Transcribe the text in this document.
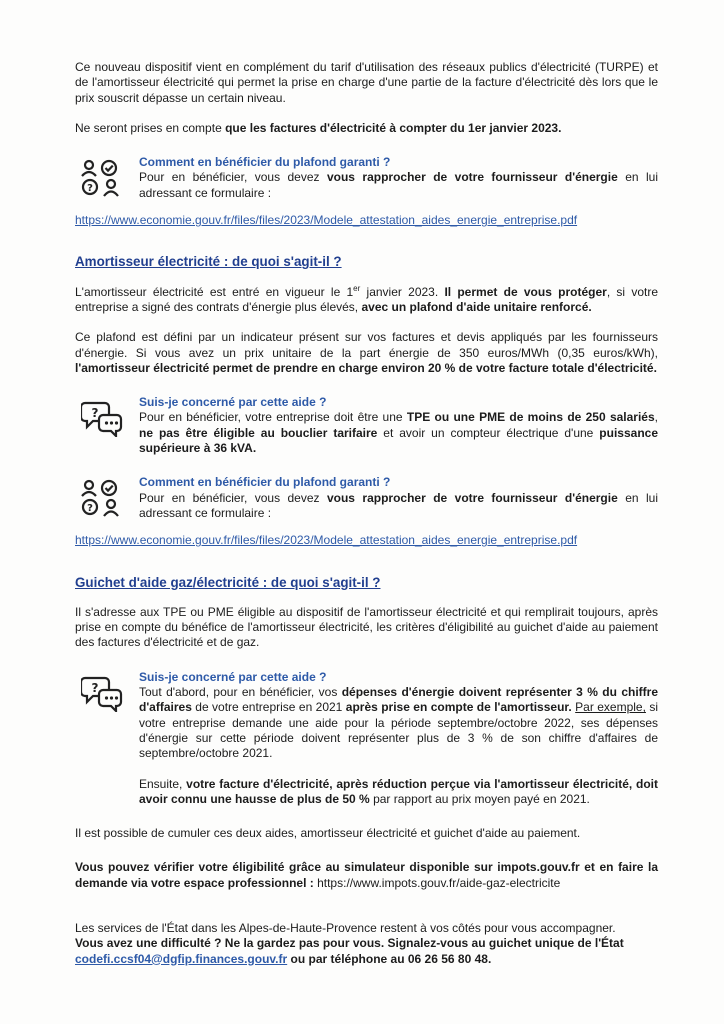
Ce nouveau dispositif vient en complément du tarif d'utilisation des réseaux publics d'électricité (TURPE) et de l'amortisseur électricité qui permet la prise en charge d'une partie de la facture d'électricité dès lors que le prix souscrit dépasse un certain niveau.

Ne seront prises en compte que les factures d'électricité à compter du 1er janvier 2023.

Comment en bénéficier du plafond garanti ?

Pour en bénéficier, vous devez vous rapprocher de votre fournisseur d'énergie en lui adressant ce formulaire :

https://www.economie.gouv.fr/files/files/2023/Modele_attestation_aides_energie_entreprise.pdf
Amortisseur électricité : de quoi s'agit-il ?

L'amortisseur électricité est entré en vigueur le 1er janvier 2023. Il permet de vous protéger, si votre entreprise a signé des contrats d'énergie plus élevés, avec un plafond d'aide unitaire renforcé.

Ce plafond est défini par un indicateur présent sur vos factures et devis appliqués par les fournisseurs d'énergie. Si vous avez un prix unitaire de la part énergie de 350 euros/MWh (0,35 euros/kWh), l'amortisseur électricité permet de prendre en charge environ 20 % de votre facture totale d'électricité.

Suis-je concerné par cette aide ?

Pour en bénéficier, votre entreprise doit être une TPE ou une PME de moins de 250 salariés, ne pas être éligible au bouclier tarifaire et avoir un compteur électrique d'une puissance supérieure à 36 kVA.

Comment en bénéficier du plafond garanti ?

Pour en bénéficier, vous devez vous rapprocher de votre fournisseur d'énergie en lui adressant ce formulaire :

https://www.economie.gouv.fr/files/files/2023/Modele_attestation_aides_energie_entreprise.pdf
Guichet d'aide gaz/électricité : de quoi s'agit-il ?

Il s'adresse aux TPE ou PME éligible au dispositif de l'amortisseur électricité et qui remplirait toujours, après prise en compte du bénéfice de l'amortisseur électricité, les critères d'éligibilité au guichet d'aide au paiement des factures d'électricité et de gaz.

Suis-je concerné par cette aide ?

Tout d'abord, pour en bénéficier, vos dépenses d'énergie doivent représenter 3 % du chiffre d'affaires de votre entreprise en 2021 après prise en compte de l'amortisseur. Par exemple, si votre entreprise demande une aide pour la période septembre/octobre 2022, ses dépenses d'énergie sur cette période doivent représenter plus de 3 % de son chiffre d'affaires de septembre/octobre 2021.

Ensuite, votre facture d'électricité, après réduction perçue via l'amortisseur électricité, doit avoir connu une hausse de plus de 50 % par rapport au prix moyen payé en 2021.

Il est possible de cumuler ces deux aides, amortisseur électricité et guichet d'aide au paiement.

Vous pouvez vérifier votre éligibilité grâce au simulateur disponible sur impots.gouv.fr et en faire la demande via votre espace professionnel : https://www.impots.gouv.fr/aide-gaz-electricite

Les services de l'État dans les Alpes-de-Haute-Provence restent à vos côtés pour vous accompagner.
Vous avez une difficulté ? Ne la gardez pas pour vous. Signalez-vous au guichet unique de l'État
codefi.ccsf04@dgfip.finances.gouv.fr ou par téléphone au 06 26 56 80 48.
